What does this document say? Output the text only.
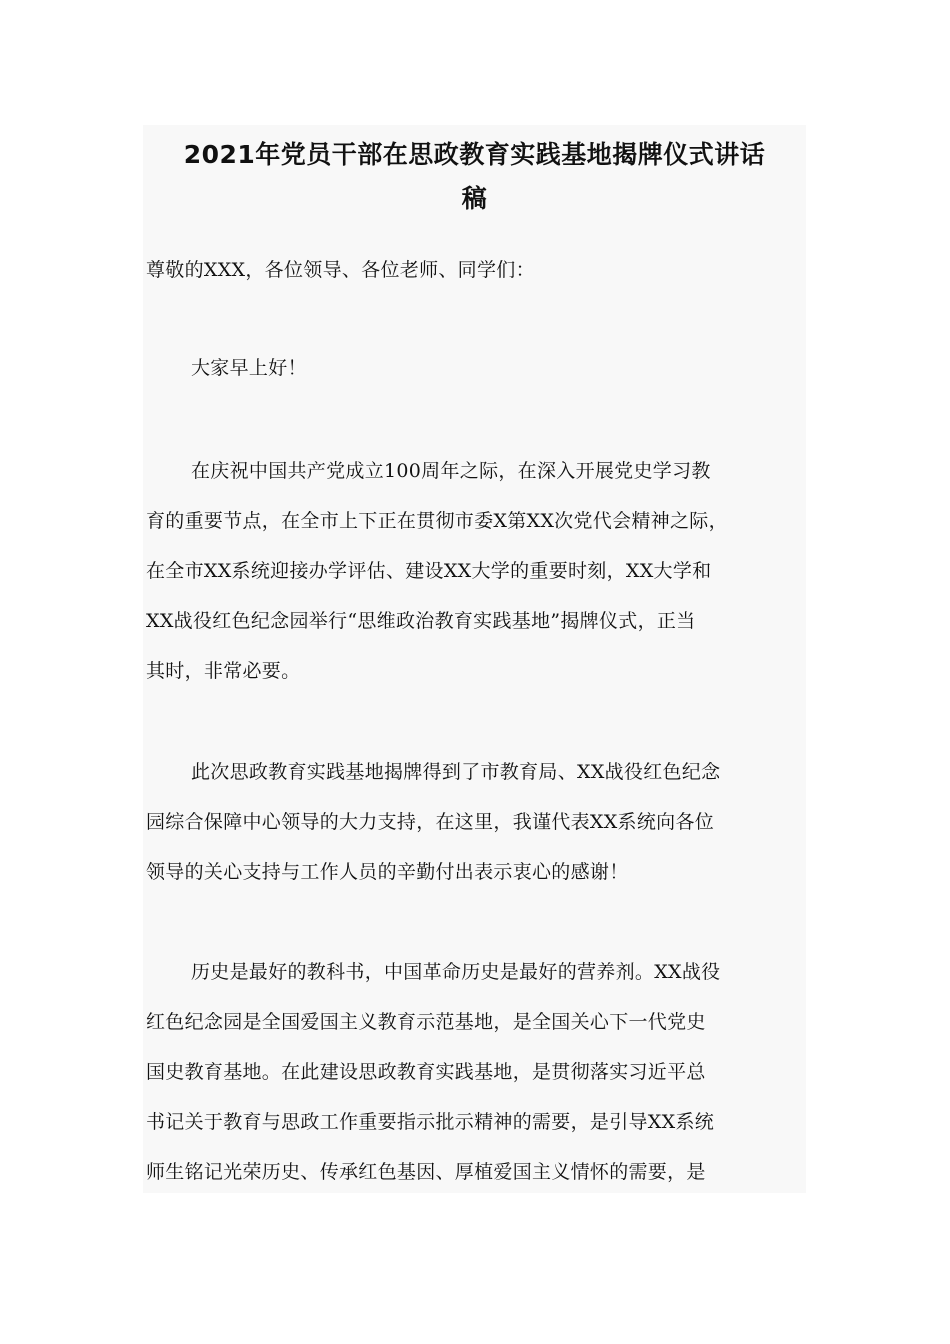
2021年党员干部在思政教育实践基地揭牌仪式讲话
稿
尊敬的XXX，各位领导、各位老师、同学们：
大家早上好！
在庆祝中国共产党成立100周年之际，在深入开展党史学习教
育的重要节点，在全市上下正在贯彻市委X第XX次党代会精神之际，
在全市XX系统迎接办学评估、建设XX大学的重要时刻，XX大学和
XX战役红色纪念园举行“思维政治教育实践基地”揭牌仪式，正当
其时，非常必要。
此次思政教育实践基地揭牌得到了市教育局、XX战役红色纪念
园综合保障中心领导的大力支持，在这里，我谨代表XX系统向各位
领导的关心支持与工作人员的辛勤付出表示衷心的感谢！
历史是最好的教科书，中国革命历史是最好的营养剂。XX战役
红色纪念园是全国爱国主义教育示范基地，是全国关心下一代党史
国史教育基地。在此建设思政教育实践基地，是贯彻落实习近平总
书记关于教育与思政工作重要指示批示精神的需要，是引导XX系统
师生铭记光荣历史、传承红色基因、厚植爱国主义情怀的需要，是
